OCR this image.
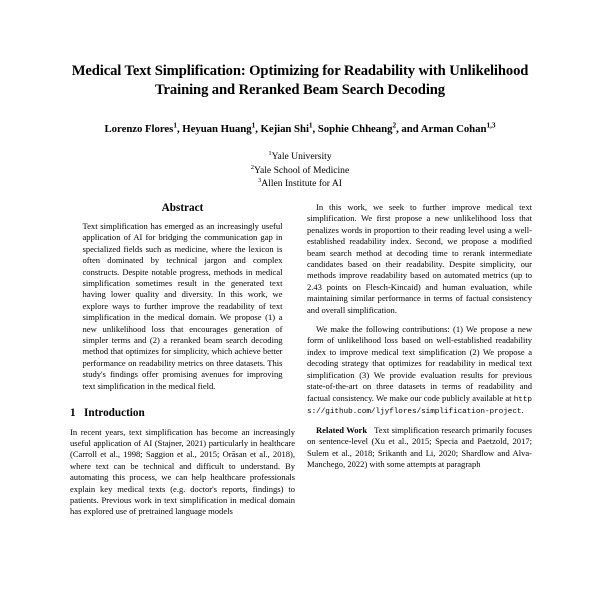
Medical Text Simplification: Optimizing for Readability with Unlikelihood Training and Reranked Beam Search Decoding
Lorenzo Flores$^1$, Heyuan Huang$^1$, Kejian Shi$^1$, Sophie Chheang$^2$, and Arman Cohan$^{1,3}$
$^1$Yale University
$^2$Yale School of Medicine
$^3$Allen Institute for AI
Abstract

Text simplification has emerged as an increasingly useful application of AI for bridging the communication gap in specialized fields such as medicine, where the lexicon is often dominated by technical jargon and complex constructs. Despite notable progress, methods in medical simplification sometimes result in the generated text having lower quality and diversity. In this work, we explore ways to further improve the readability of text simplification in the medical domain. We propose (1) a new unlikelihood loss that encourages generation of simpler terms and (2) a reranked beam search decoding method that optimizes for simplicity, which achieve better performance on readability metrics on three datasets. This study's findings offer promising avenues for improving text simplification in the medical field.

1 Introduction

In recent years, text simplification has become an increasingly useful application of AI (Stajner, 2021) particularly in healthcare (Carroll et al., 1998; Saggion et al., 2015; Orăsan et al., 2018), where text can be technical and difficult to understand. By automating this process, we can help healthcare professionals explain key medical texts (e.g. doctor's reports, findings) to patients. Previous work in text simplification in medical domain has explored use of pretrained language models

In this work, we seek to further improve medical text simplification. We first propose a new unlikelihood loss that penalizes words in proportion to their reading level using a well-established readability index. Second, we propose a modified beam search method at decoding time to rerank intermediate candidates based on their readability. Despite simplicity, our methods improve readability based on automated metrics (up to 2.43 points on Flesch-Kincaid) and human evaluation, while maintaining similar performance in terms of factual consistency and overall simplification.

We make the following contributions: (1) We propose a new form of unlikelihood loss based on well-established readability index to improve medical text simplification (2) We propose a decoding strategy that optimizes for readability in medical text simplification (3) We provide evaluation results for previous state-of-the-art on three datasets in terms of readability and factual consistency. We make our code publicly available at https://github.com/ljyflores/simplification-project.

Related Work Text simplification research primarily focuses on sentence-level (Xu et al., 2015; Specia and Paetzold, 2017; Sulem et al., 2018; Srikanth and Li, 2020; Shardlow and Alva-Manchego, 2022) with some attempts at paragraph
